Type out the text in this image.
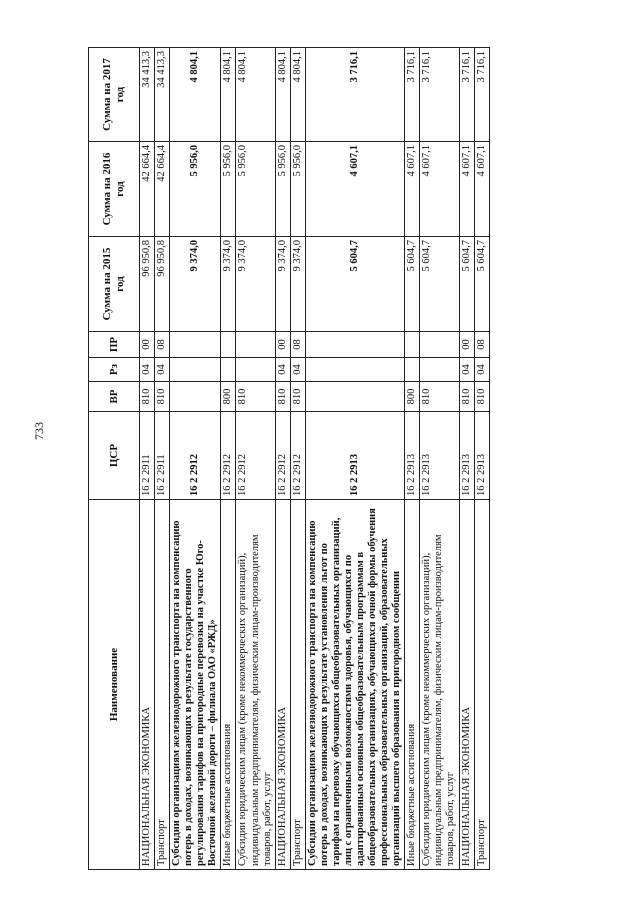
733
Наименование	ЦСР	ВР	Рз	ПР	Сумма на 2015 год	Сумма на 2016 год	Сумма на 2017 год
НАЦИОНАЛЬНАЯ ЭКОНОМИКА	16 2 2911	810	04	00	96 950,8	42 664,4	34 413,3
Транспорт	16 2 2911	810	04	08	96 950,8	42 664,4	34 413,3
Субсидии организациям железнодорожного транспорта на компенсацию потерь в доходах, возникающих в результате государственного регулирования тарифов на пригородные перевозки на участке Юго-Восточной железной дороги – филиала ОАО «РЖД»	16 2 2912				9 374,0	5 956,0	4 804,1
Иные бюджетные ассигнования	16 2 2912	800			9 374,0	5 956,0	4 804,1
Субсидии юридическим лицам (кроме некоммерческих организаций), индивидуальным предпринимателям, физическим лицам-производителям товаров, работ, услуг	16 2 2912	810			9 374,0	5 956,0	4 804,1
НАЦИОНАЛЬНАЯ ЭКОНОМИКА	16 2 2912	810	04	00	9 374,0	5 956,0	4 804,1
Транспорт	16 2 2912	810	04	08	9 374,0	5 956,0	4 804,1
Субсидии организациям железнодорожного транспорта на компенсацию потерь в доходах, возникающих в результате установления льгот по тарифам на перевозку обучающихся общеобразовательных организаций, лиц с ограниченными возможностями здоровья, обучающихся по адаптированным основным общеобразовательным программам в общеобразовательных организациях, обучающихся очной формы обучения профессиональных образовательных организаций, образовательных организаций высшего образования в пригородном сообщении	16 2 2913				5 604,7	4 607,1	3 716,1
Иные бюджетные ассигнования	16 2 2913	800			5 604,7	4 607,1	3 716,1
Субсидии юридическим лицам (кроме некоммерческих организаций), индивидуальным предпринимателям, физическим лицам-производителям товаров, работ, услуг	16 2 2913	810			5 604,7	4 607,1	3 716,1
НАЦИОНАЛЬНАЯ ЭКОНОМИКА	16 2 2913	810	04	00	5 604,7	4 607,1	3 716,1
Транспорт	16 2 2913	810	04	08	5 604,7	4 607,1	3 716,1
